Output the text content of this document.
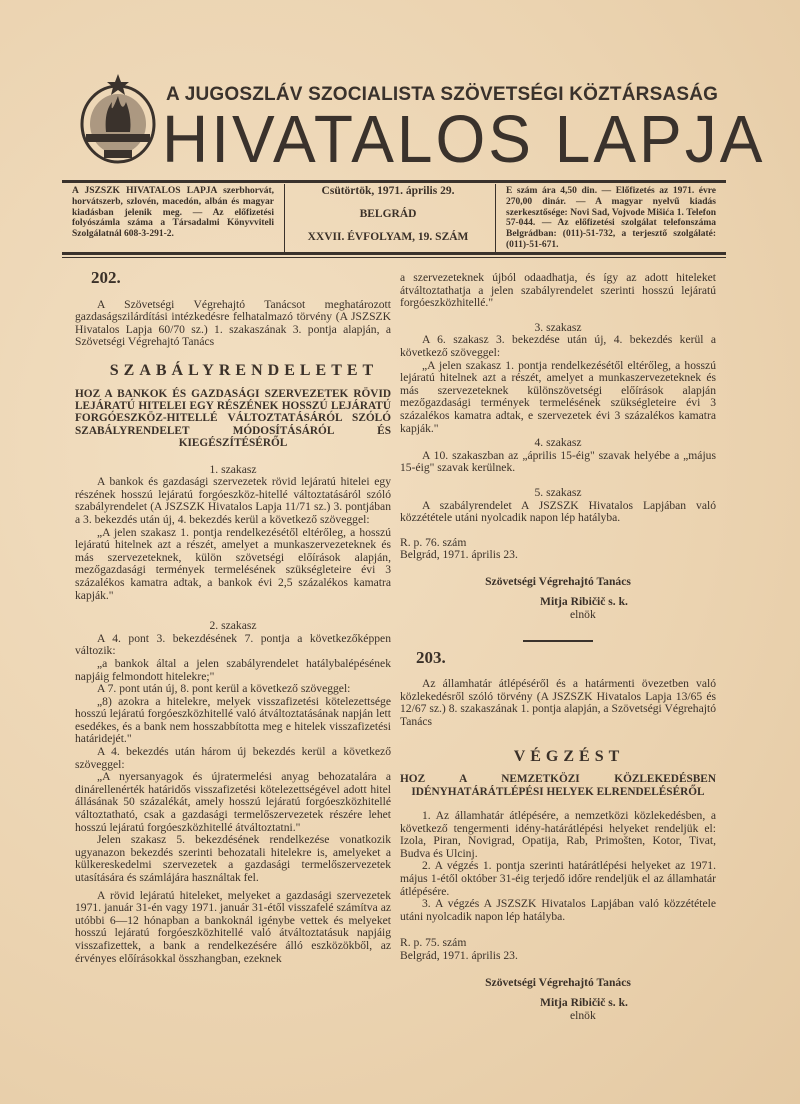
A JUGOSZLÁV SZOCIALISTA SZÖVETSÉGI KÖZTÁRSASÁG
HIVATALOS LAPJA
A JSZSZK HIVATALOS LAPJA szerbhorvát, horvátszerb, szlovén, macedón, albán és magyar kiadásban jelenik meg. — Az előfizetési folyószámla száma a Társadalmi Könyvviteli Szolgálatnál 608-3-291-2.
Csütörtök, 1971. április 29.
BELGRÁD
XXVII. ÉVFOLYAM, 19. SZÁM
E szám ára 4,50 din. — Előfizetés az 1971. évre 270,00 dinár. — A magyar nyelvű kiadás szerkesztősége: Novi Sad, Vojvode Mišića 1. Telefon 57-044. — Az előfizetési szolgálat telefonszáma Belgrádban: (011)-51-732, a terjesztő szolgálaté: (011)-51-671.

202.

A Szövetségi Végrehajtó Tanácsot meghatározott gazdaságszilárdítási intézkedésre felhatalmazó törvény (A JSZSZK Hivatalos Lapja 60/70 sz.) 1. szakaszának 3. pontja alapján, a Szövetségi Végrehajtó Tanács

SZABÁLYRENDELETET

HOZ A BANKOK ÉS GAZDASÁGI SZERVEZETEK RÖVID LEJÁRATÚ HITELEI EGY RÉSZÉNEK HOSSZÚ LEJÁRATÚ FORGÓESZKÖZ-HITELLÉ VÁLTOZTATÁSÁRÓL SZÓLÓ SZABÁLYRENDELET MÓDOSÍTÁSÁRÓL ÉS KIEGÉSZÍTÉSÉRŐL

1. szakasz

A bankok és gazdasági szervezetek rövid lejáratú hitelei egy részének hosszú lejáratú forgóeszköz-hitellé változtatásáról szóló szabályrendelet (A JSZSZK Hivatalos Lapja 11/71 sz.) 3. pontjában a 3. bekezdés után új, 4. bekezdés kerül a következő szöveggel:

„A jelen szakasz 1. pontja rendelkezésétől eltérőleg, a hosszú lejáratú hitelnek azt a részét, amelyet a munkaszervezeteknek és más szervezeteknek, külön szövetségi előírások alapján, mezőgazdasági termények termelésének szükségleteire évi 3 százalékos kamatra adtak, a bankok évi 2,5 százalékos kamatra kapják."

2. szakasz

A 4. pont 3. bekezdésének 7. pontja a következőképpen változik:

„a bankok által a jelen szabályrendelet hatálybalépésének napjáig felmondott hitelekre;"

A 7. pont után új, 8. pont kerül a következő szöveggel:

„8) azokra a hitelekre, melyek visszafizetési kötelezettsége hosszú lejáratú forgóeszközhitellé való átváltoztatásának napján lett esedékes, és a bank nem hosszabbította meg e hitelek visszafizetési határidejét."

A 4. bekezdés után három új bekezdés kerül a következő szöveggel:

„A nyersanyagok és újratermelési anyag behozatalára a dinárellenérték határidős visszafizetési kötelezettségével adott hitel állásának 50 százalékát, amely hosszú lejáratú forgóeszközhitellé változtatható, csak a gazdasági termelőszervezetek részére lehet hosszú lejáratú forgóeszközhitellé átváltoztatni."

Jelen szakasz 5. bekezdésének rendelkezése vonatkozik ugyanazon bekezdés szerinti behozatali hitelekre is, amelyeket a külkereskedelmi szervezetek a gazdasági termelőszervezetek utasítására és számlájára használtak fel.

A rövid lejáratú hiteleket, melyeket a gazdasági szervezetek 1971. január 31-én vagy 1971. január 31-étől visszafelé számítva az utóbbi 6—12 hónapban a bankoknál igénybe vettek és melyeket hosszú lejáratú forgóeszközhitellé való átváltoztatásuk napjáig visszafizettek, a bank a rendelkezésére álló eszközökből, az érvényes előírásokkal összhangban, ezeknek

a szervezeteknek újból odaadhatja, és így az adott hiteleket átváltoztathatja a jelen szabályrendelet szerinti hosszú lejáratú forgóeszközhitellé."

3. szakasz

A 6. szakasz 3. bekezdése után új, 4. bekezdés kerül a következő szöveggel:

„A jelen szakasz 1. pontja rendelkezésétől eltérőleg, a hosszú lejáratú hitelnek azt a részét, amelyet a munkaszervezeteknek és más szervezeteknek különszövetségi előírások alapján mezőgazdasági termények termelésének szükségleteire évi 3 százalékos kamatra adtak, e szervezetek évi 3 százalékos kamatra kapják."

4. szakasz

A 10. szakaszban az „április 15-éig" szavak helyébe a „május 15-éig" szavak kerülnek.

5. szakasz

A szabályrendelet A JSZSZK Hivatalos Lapjában való közzététele utáni nyolcadik napon lép hatályba.

R. p. 76. szám

Belgrád, 1971. április 23.

Szövetségi Végrehajtó Tanács

Mitja Ribičič s. k.

elnök

203.

Az államhatár átlépéséről és a határmenti övezetben való közlekedésről szóló törvény (A JSZSZK Hivatalos Lapja 13/65 és 12/67 sz.) 8. szakaszának 1. pontja alapján, a Szövetségi Végrehajtó Tanács

VÉGZÉST

HOZ A NEMZETKÖZI KÖZLEKEDÉSBEN IDÉNYHATÁRÁTLÉPÉSI HELYEK ELRENDELÉSÉRŐL

1. Az államhatár átlépésére, a nemzetközi közlekedésben, a következő tengermenti idény-határátlépési helyeket rendeljük el: Izola, Piran, Novigrad, Opatija, Rab, Primošten, Kotor, Tivat, Budva és Ulcinj.

2. A végzés 1. pontja szerinti határátlépési helyeket az 1971. május 1-étől október 31-éig terjedő időre rendeljük el az államhatár átlépésére.

3. A végzés A JSZSZK Hivatalos Lapjában való közzététele utáni nyolcadik napon lép hatályba.

R. p. 75. szám

Belgrád, 1971. április 23.

Szövetségi Végrehajtó Tanács

Mitja Ribičič s. k.

elnök
